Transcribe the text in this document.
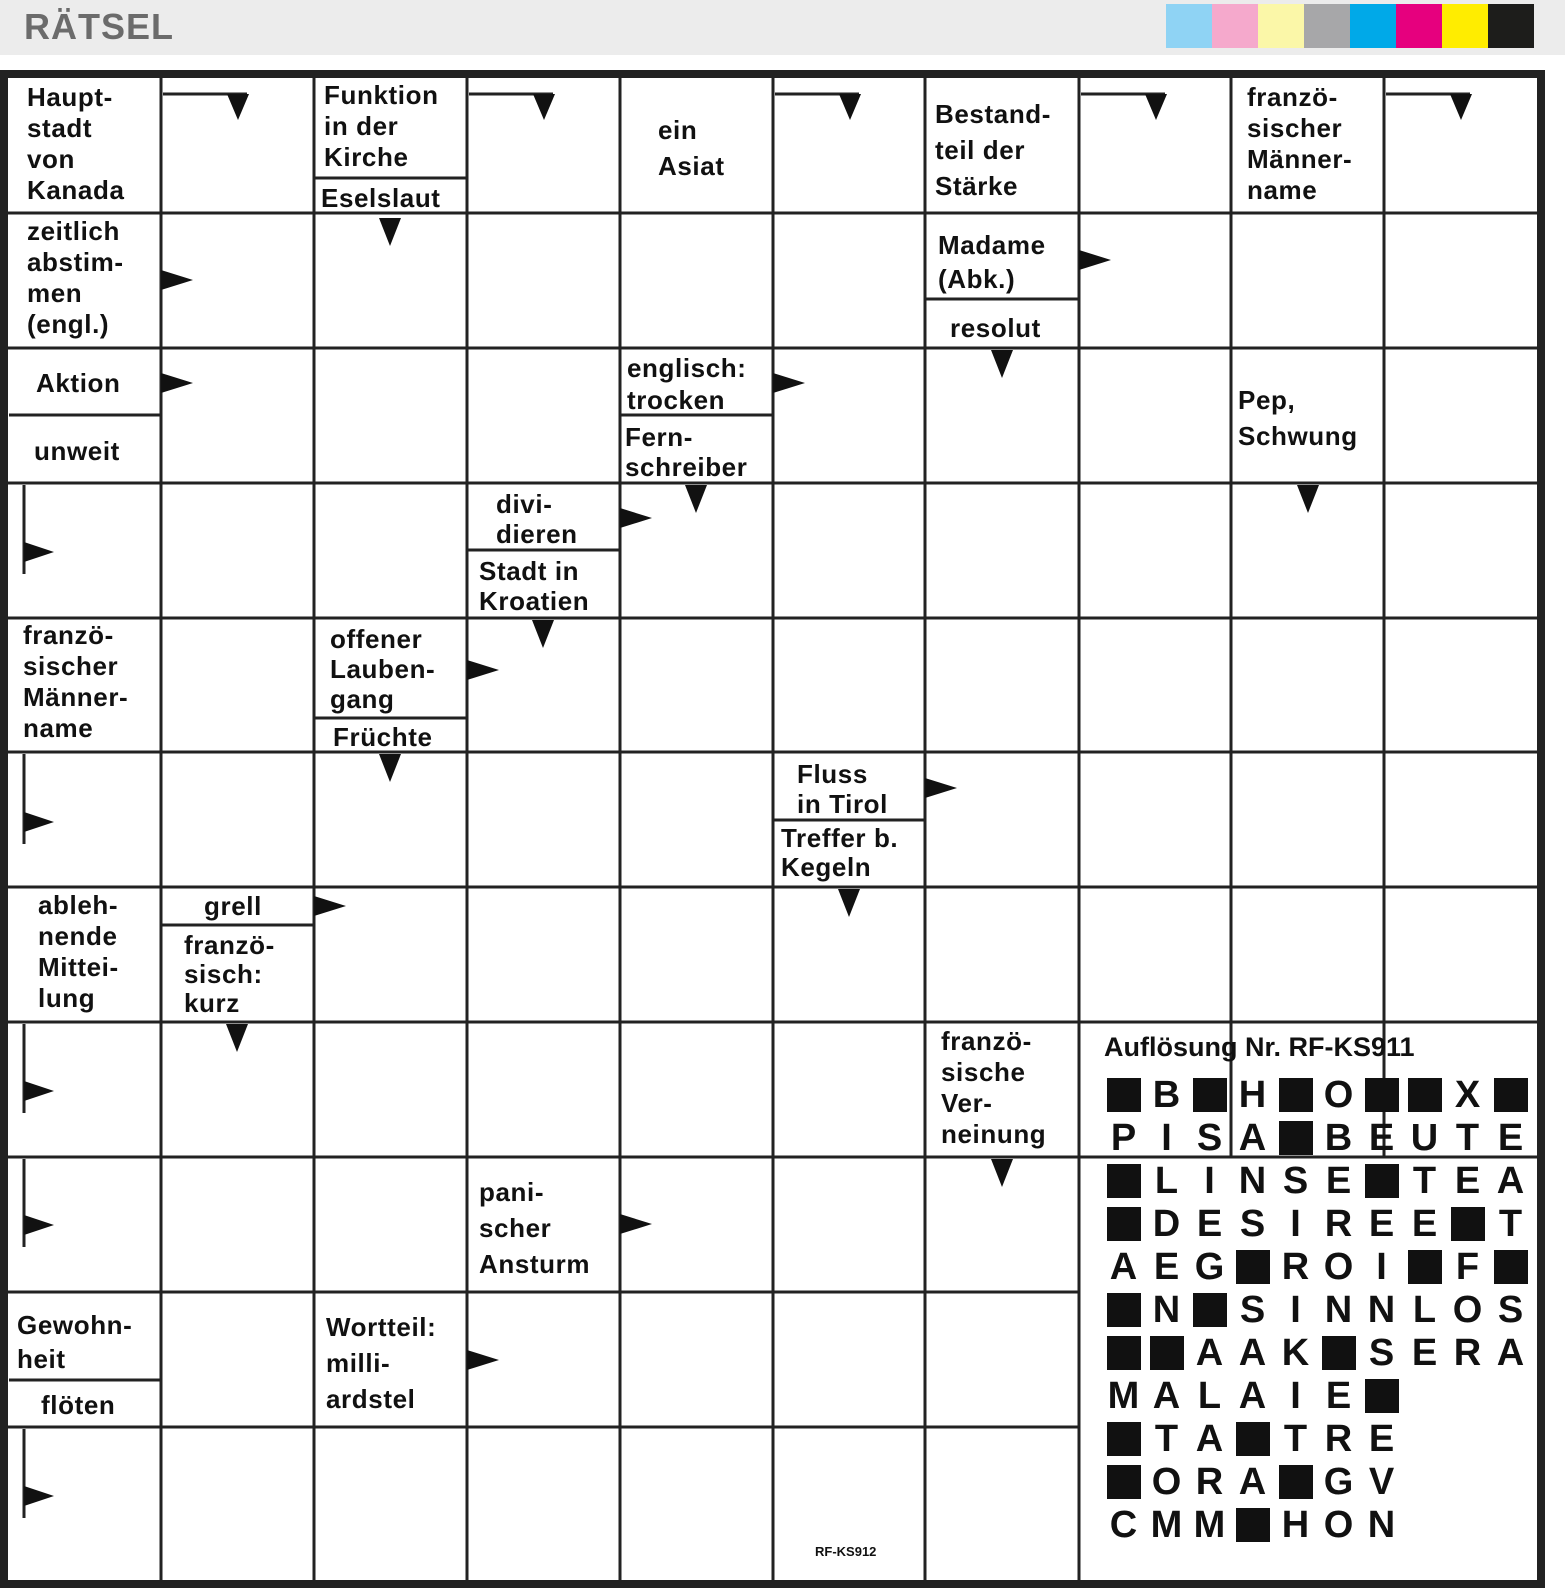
RÄTSEL
Haupt-
stadt
von
Kanada
Funktion
in der
Kirche
Eselslaut
ein
Asiat
Bestand-
teil der
Stärke
franzö-
sischer
Männer-
name
zeitlich
abstim-
men
(engl.)
Madame
(Abk.)
resolut
Aktion
unweit
englisch:
trocken
Fern-
schreiber
Pep,
Schwung
divi-
dieren
Stadt in
Kroatien
franzö-
sischer
Männer-
name
offener
Lauben-
gang
Früchte
Fluss
in Tirol
Treffer b.
Kegeln
ableh-
nende
Mittei-
lung
grell
franzö-
sisch:
kurz
franzö-
sische
Ver-
neinung
pani-
scher
Ansturm
Gewohn-
heit
flöten
Wortteil:
milli-
ardstel
Auflösung Nr. RF-KS911
B H O	X
P I S A B E U T E
L I N S E T E A
D E S I R E E T
A E G R O I	F
N S I N N L O S
A A K S E R A
M A L A I E
T A T R E
O R A G V
C M M H O N
RF-KS912
